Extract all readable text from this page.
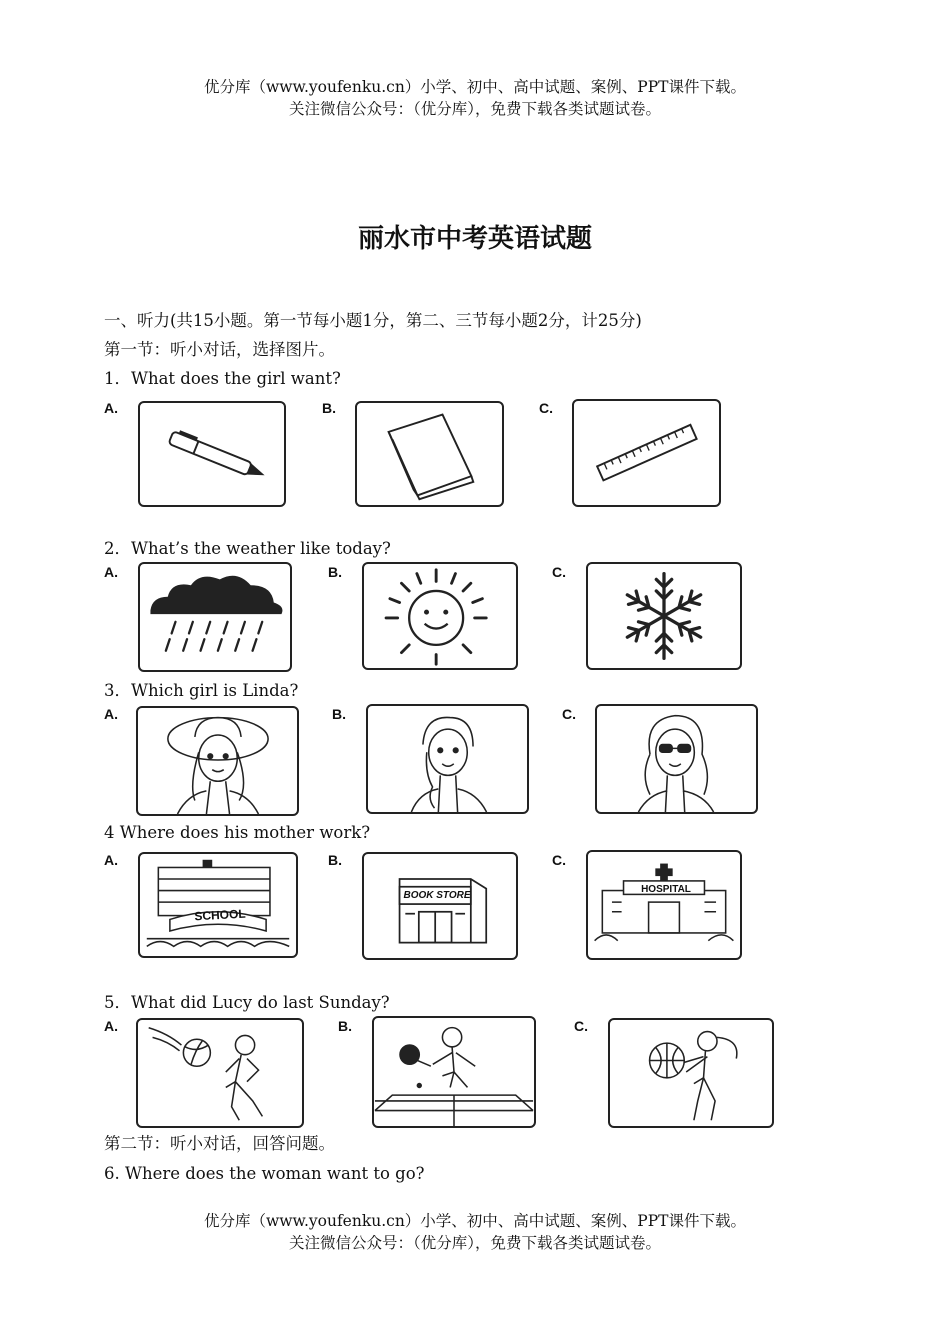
优分库（www.youfenku.cn）小学、初中、高中试题、案例、PPT课件下载。
关注微信公众号：（优分库），免费下载各类试题试卷。
丽水市中考英语试题
一、听力(共15小题。第一节每小题1分，第二、三节每小题2分，计25分)
第一节：听小对话，选择图片。
1．What does the girl want?
A.	B.	C.
2．What’s the weather like today?
A.	B.	C.
3．Which girl is Linda?
A.	B.	C.
4 Where does his mother work?
A.	B.	C.
SCHOOL
BOOK STORE
HOSPITAL
5．What did Lucy do last Sunday?
A.	B.	C.
第二节：听小对话，回答问题。
6. Where does the woman want to go?
优分库（www.youfenku.cn）小学、初中、高中试题、案例、PPT课件下载。
关注微信公众号：（优分库），免费下载各类试题试卷。
